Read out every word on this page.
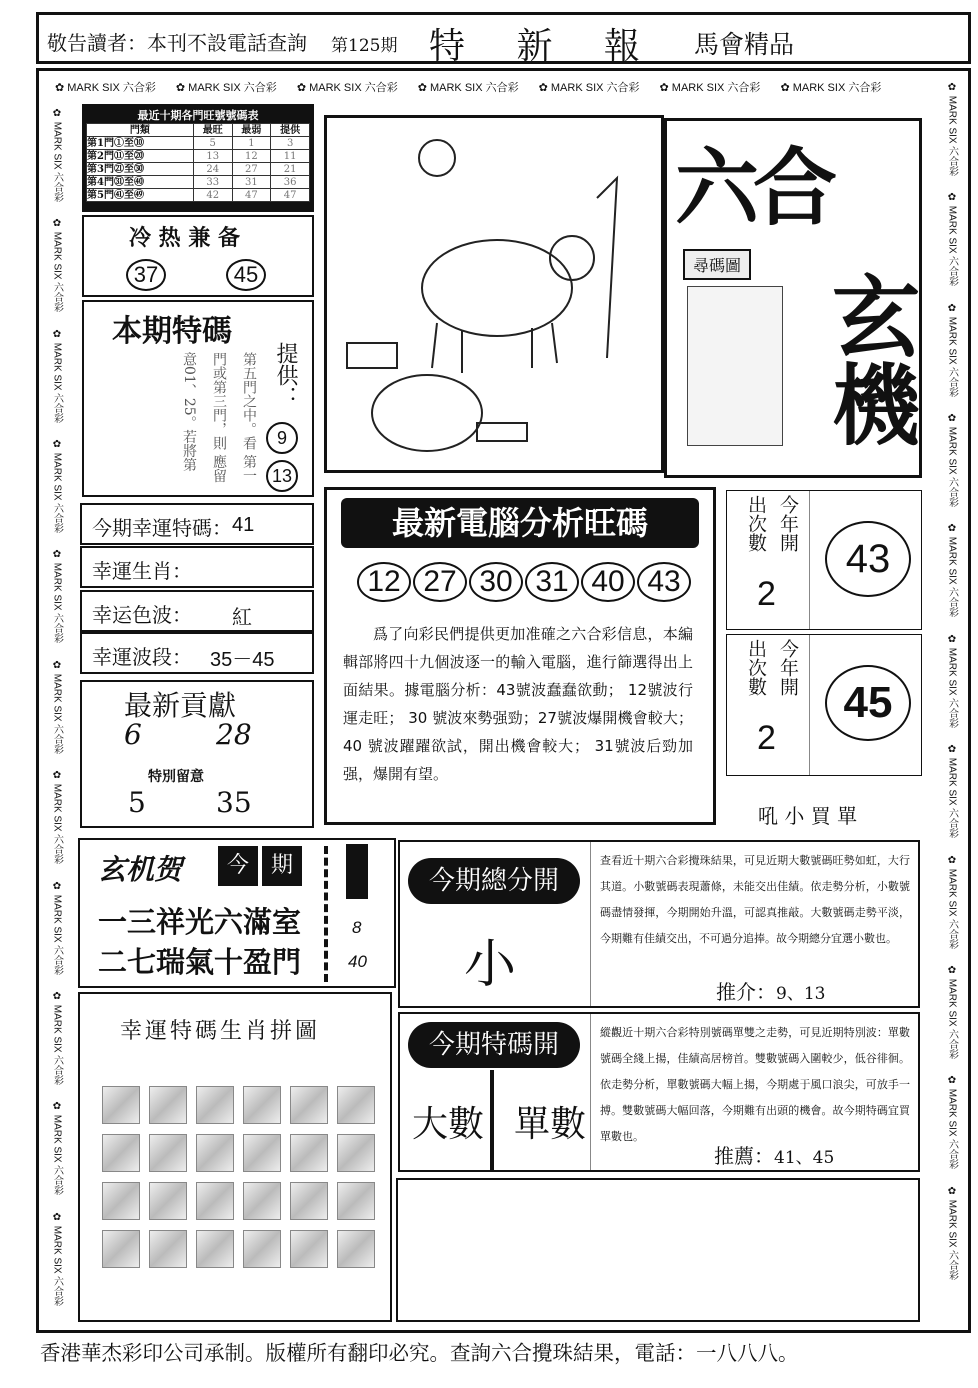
敬告讀者：本刊不設電話查詢 第125期 特 新 報 馬會精品
✿ MARK SIX 六合彩 ✿ MARK SIX 六合彩 ✿ MARK SIX 六合彩 ✿ MARK SIX 六合彩 ✿ MARK SIX 六合彩 ✿ MARK SIX 六合彩 ✿ MARK SIX 六合彩
✿ MARK SIX 六合彩
✿ MARK SIX 六合彩
✿ MARK SIX 六合彩
✿ MARK SIX 六合彩
✿ MARK SIX 六合彩
✿ MARK SIX 六合彩
✿ MARK SIX 六合彩
✿ MARK SIX 六合彩
✿ MARK SIX 六合彩
✿ MARK SIX 六合彩
✿ MARK SIX 六合彩
✿ MARK SIX 六合彩
✿ MARK SIX 六合彩
✿ MARK SIX 六合彩
✿ MARK SIX 六合彩
✿ MARK SIX 六合彩
✿ MARK SIX 六合彩
✿ MARK SIX 六合彩
✿ MARK SIX 六合彩
✿ MARK SIX 六合彩
✿ MARK SIX 六合彩
✿ MARK SIX 六合彩
最近十期各門旺號號碼表
門類	最旺	最弱	提供
第1門①至⑩	5	1	3
第2門⑪至⑳	13	12	11
第3門㉑至㉚	24	27	21
第4門㉛至㊵	33	31	36
第5門㊶至㊾	42	47	47
冷 热 兼 备
37	45
本期特碼
第五門之中。看 第一門或第三門，則 應留意01、25。若將第	提供：
9
13
今期幸運特碼： 41
幸運生肖：
幸运色波： 紅
幸運波段： 35－45
最新貢獻
6	28
特別留意
5	35
六合
尋碼圖
玄機
最新電腦分析旺碼
12 27 30 31 40 43
爲了向彩民們提供更加准確之六合彩信息，本編輯部將四十九個波逐一的輸入電腦，進行篩選得出上面結果。據電腦分析：43號波蠢蠢欲動； 12號波行運走旺； 30 號波來勢强勁；27號波爆開機會較大； 40 號波躍躍欲試，開出機會較大； 31號波后勁加强，爆開有望。
今年開
出次數
2
43
今年開
出次數
2
45
吼 小 買 單
玄机贺	今 期
一三祥光六滿室
二七瑞氣十盈門
8
40
今期總分開
小
查看近十期六合彩攪珠結果，可見近期大數號碼旺勢如虹，大行其道。小數號碼表現蕭條，未能交出佳績。依走勢分析，小數號碼盡情發揮，今期開始升溫，可認真推敲。大數號碼走勢平淡，今期難有佳績交出，不可過分追捧。故今期總分宜選小數也。
推介：9、13
今期特碼開
大數 單數
縱觀近十期六合彩特別號碼單雙之走勢，可見近期特別波：單數號碼全綫上揚，佳績高居榜首。雙數號碼入圍較少，低谷徘徊。依走勢分析，單數號碼大幅上揚，今期處于風口浪尖，可放手一搏。雙數號碼大幅回落，今期難有出頭的機會。故今期特碼宜買單數也。
推薦：41、45
幸運特碼生肖拼圖
香港華杰彩印公司承制。版權所有翻印必究。查詢六合攪珠結果，電話：一八八八。
